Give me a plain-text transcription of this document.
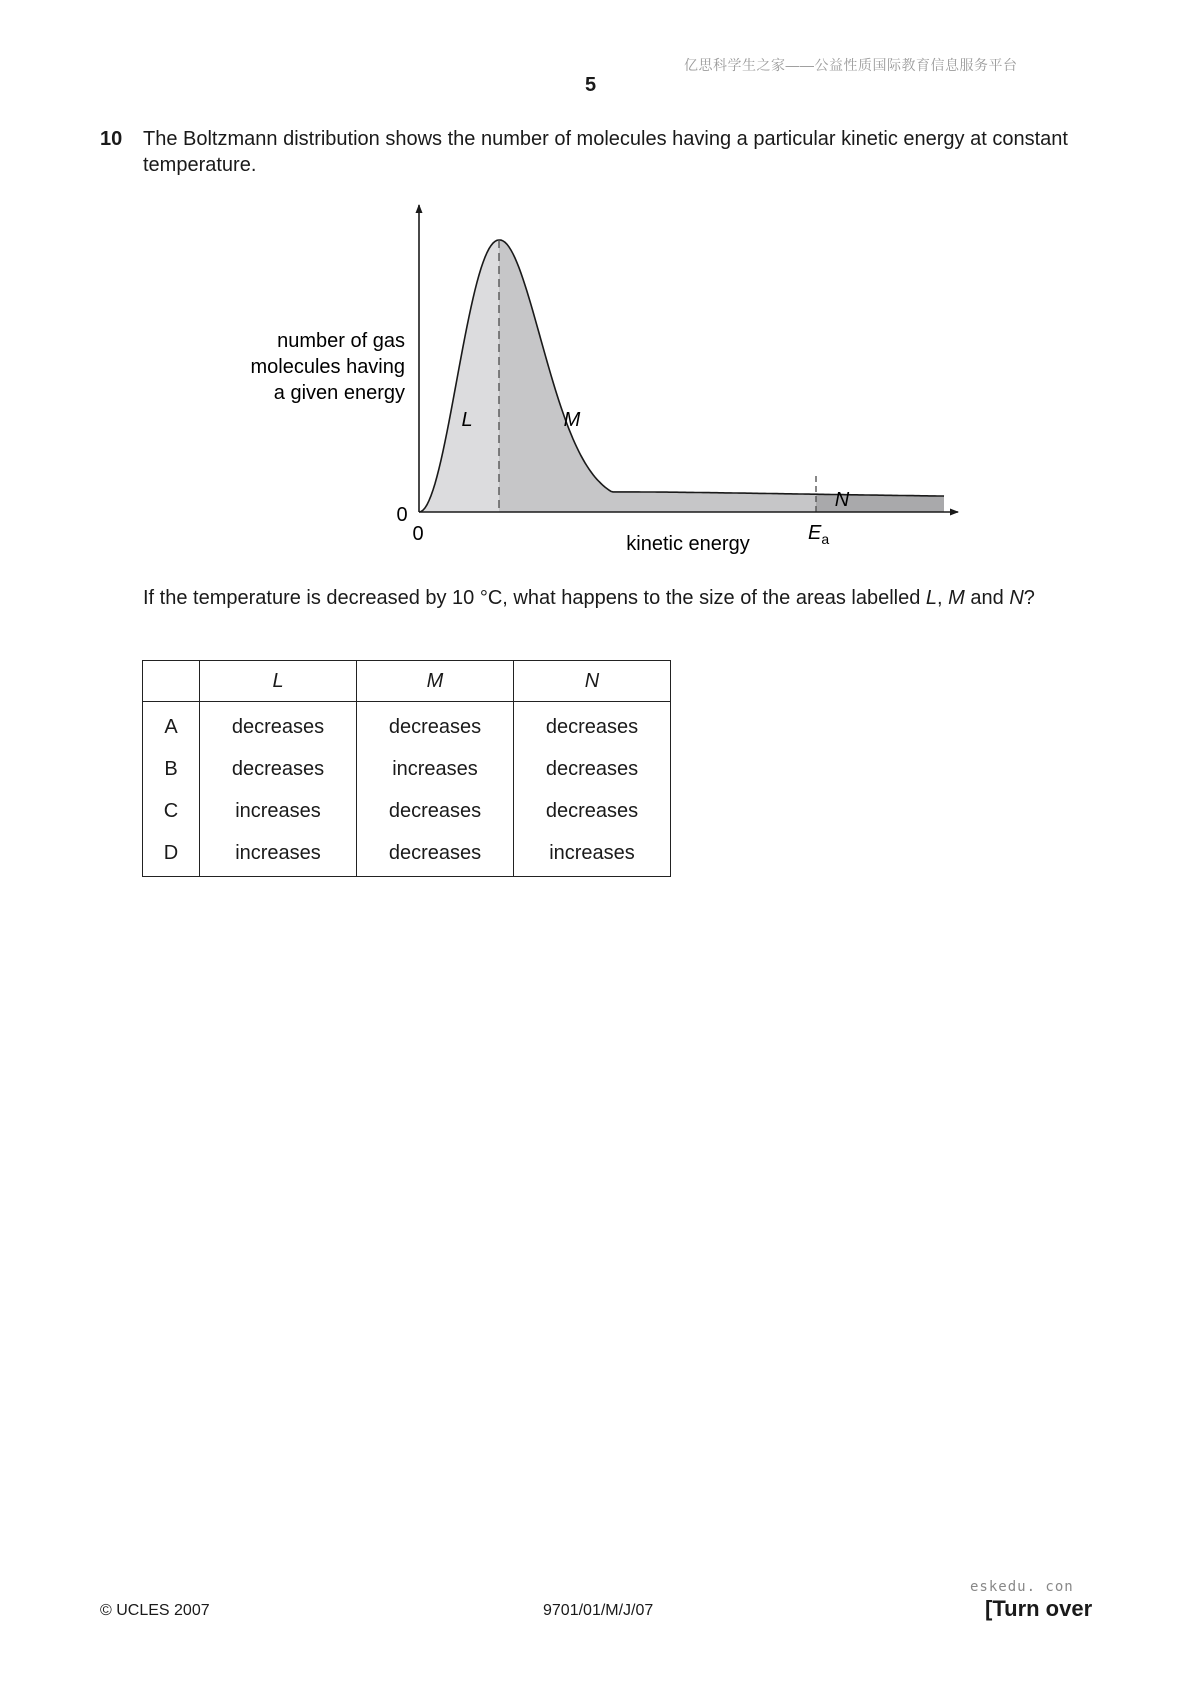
亿思科学生之家——公益性质国际教育信息服务平台
5
10 The Boltzmann distribution shows the number of molecules having a particular kinetic energy at constant temperature.
number of gas
molecules having
a given energy
0
0	kinetic energy
L	M
N
$E_a$
If the temperature is decreased by 10 °C, what happens to the size of the areas labelled L, M and N?
	L	M	N
A	decreases	decreases	decreases
B	decreases	increases	decreases
C	increases	decreases	decreases
D	increases	decreases	increases
© UCLES 2007	9701/01/M/J/07
eskedu. con
[Turn over
